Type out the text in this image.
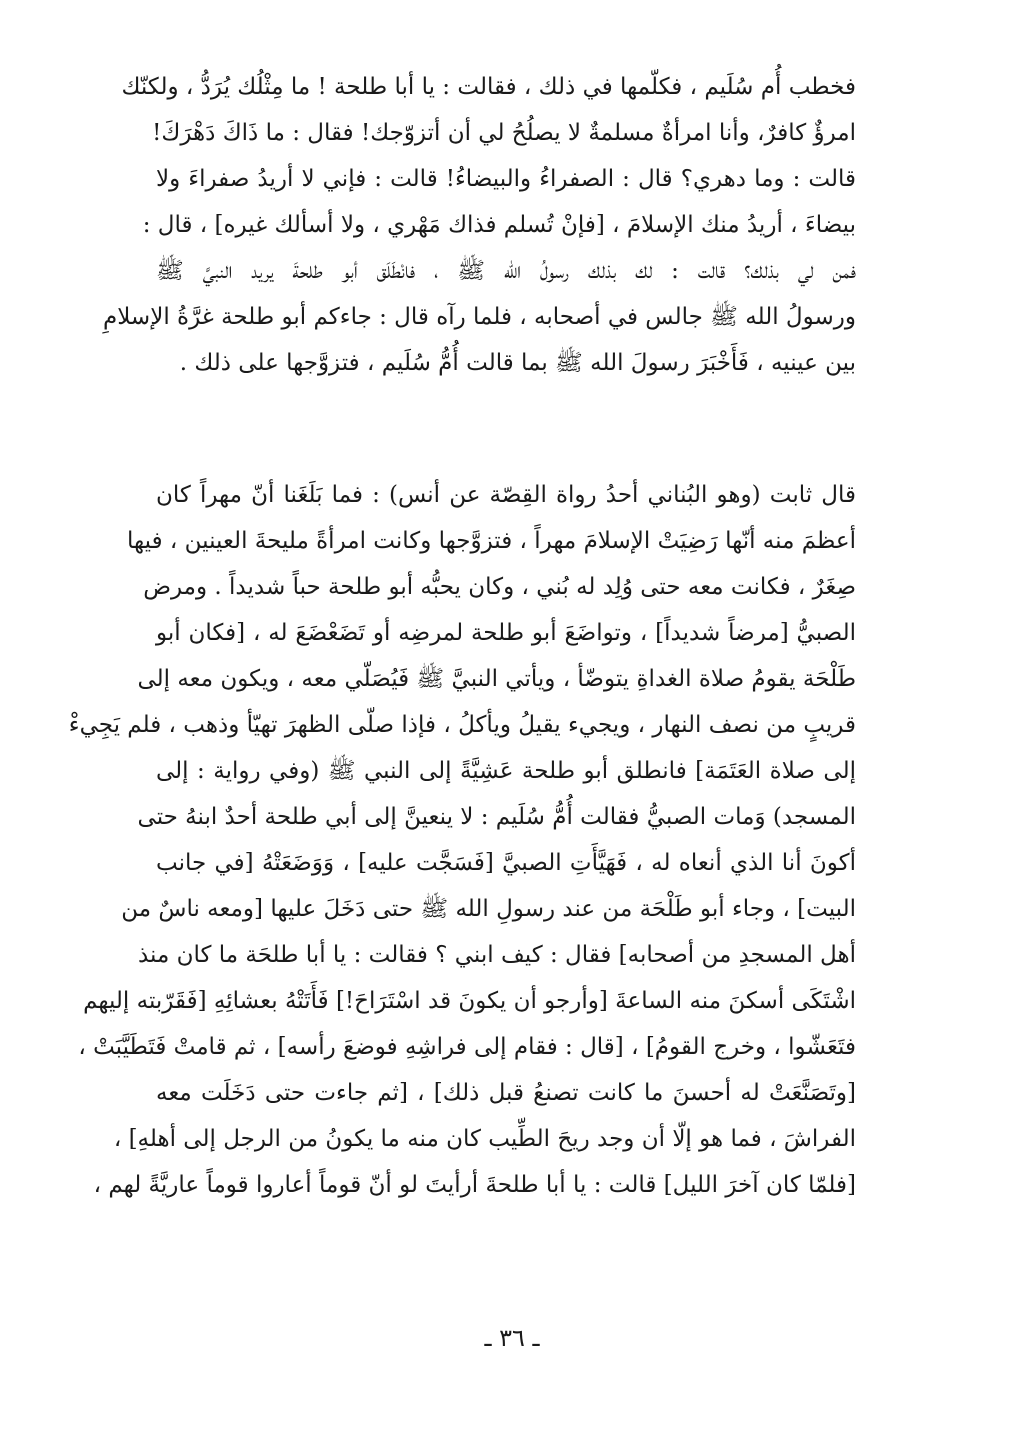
فخطب أُم سُلَيم ، فكلّمها في ذلك ، فقالت : يا أبا طلحة ! ما مِثْلُك يُرَدُّ ، ولكنّك
امرؤٌ كافرٌ، وأنا امرأةٌ مسلمةٌ لا يصلُحُ لي أن أتزوّجك! فقال : ما ذَاكَ دَهْرَكَ!
قالت : وما دهري؟ قال : الصفراءُ والبيضاءُ! قالت : فإني لا أريدُ صفراءَ ولا
بيضاءَ ، أريدُ منك الإسلامَ ، [فإنْ تُسلم فذاك مَهْري ، ولا أسألك غيره] ، قال :
فمن لي بذلك؟ قالت : لك بذلك رسولُ الله ﷺ ، فانْطَلَق أبو طلحةَ يريد النبيَّ ﷺ
ورسولُ الله ﷺ جالس في أصحابه ، فلما رآه قال : جاءكم أبو طلحة غرَّةُ الإسلامِ
بين عينيه ، فَأَخْبَرَ رسولَ الله ﷺ بما قالت أُمُّ سُلَيم ، فتزوَّجها على ذلك .
قال ثابت (وهو البُناني أحدُ رواة القِصّة عن أنس) : فما بَلَغَنا أنّ مهراً كان
أعظمَ منه أنّها رَضِيَتْ الإسلامَ مهراً ، فتزوَّجها وكانت امرأةً مليحةَ العينين ، فيها
صِغَرٌ ، فكانت معه حتى وُلِد له بُني ، وكان يحبُّه أبو طلحة حباً شديداً . ومرض
الصبيُّ [مرضاً شديداً] ، وتواضَعَ أبو طلحة لمرضِه أو تَضَعْضَعَ له ، [فكان أبو
طَلْحَة يقومُ صلاة الغداةِ يتوضّأ ، ويأتي النبيَّ ﷺ فَيُصَلّي معه ، ويكون معه إلى
قريبٍ من نصف النهار ، ويجيء يقيلُ ويأكلُ ، فإذا صلّى الظهرَ تهيّأ وذهب ، فلم يَجِيءْ
إلى صلاة العَتَمَة] فانطلق أبو طلحة عَشِيَّةً إلى النبي ﷺ (وفي رواية : إلى
المسجد) وَمات الصبيُّ فقالت أُمُّ سُلَيم : لا ينعينَّ إلى أبي طلحة أحدٌ ابنهُ حتى
أكونَ أنا الذي أنعاه له ، فَهَيَّأَتِ الصبيَّ [فَسَجَّت عليه] ، وَوَضَعَتْهُ [في جانب
البيت] ، وجاء أبو طَلْحَة من عند رسولِ الله ﷺ حتى دَخَلَ عليها [ومعه ناسٌ من
أهل المسجدِ من أصحابه] فقال : كيف ابني ؟ فقالت : يا أبا طلحَة ما كان منذ
اشْتَكَى أسكنَ منه الساعةَ [وأرجو أن يكونَ قد اسْتَرَاحَ!] فَأَتَتْهُ بعشائِهِ [فَقَرّبته إليهم
فتَعَشّوا ، وخرج القومُ] ، [قال : فقام إلى فراشِهِ فوضعَ رأسه] ، ثم قامتْ فَتَطَيَّبَتْ ،
[وتَصَنَّعَتْ له أحسنَ ما كانت تصنعُ قبل ذلك] ، [ثم جاءت حتى دَخَلَت معه
الفراشَ ، فما هو إلّا أن وجد ريحَ الطِّيب كان منه ما يكونُ من الرجل إلى أهلهِ] ،
[فلمّا كان آخرَ الليل] قالت : يا أبا طلحةَ أرأيتَ لو أنّ قوماً أعاروا قوماً عاريَّةً لهم ،
ـ ٣٦ ـ
